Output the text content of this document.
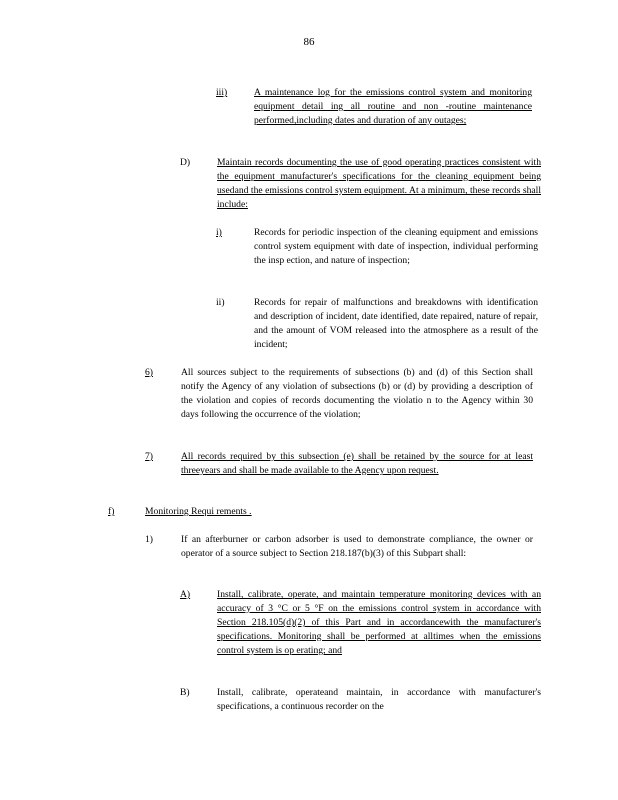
86
iii)	A maintenance log for the emissions control system and monitoring equipment detail ing all routine and non -routine maintenance performed,including dates and duration of any outages;
D)	Maintain records documenting the use of good operating practices consistent with the equipment manufacturer's specifications for the cleaning equipment being usedand the emissions control system equipment. At a minimum, these records shall include:
i)	Records for periodic inspection of the cleaning equipment and emissions control system equipment with date of inspection, individual performing the insp ection, and nature of inspection;
ii)	Records for repair of malfunctions and breakdowns with identification and description of incident, date identified, date repaired, nature of repair, and the amount of VOM released into the atmosphere as a result of the incident;
6)	All sources subject to the requirements of subsections (b) and (d) of this Section shall notify the Agency of any violation of subsections (b) or (d) by providing a description of the violation and copies of records documenting the violatio n to the Agency within 30 days following the occurrence of the violation;
7)	All records required by this subsection (e) shall be retained by the source for at least threeyears and shall be made available to the Agency upon request.
f)	Monitoring Requi rements .
1)	If an afterburner or carbon adsorber is used to demonstrate compliance, the owner or operator of a source subject to Section 218.187(b)(3) of this Subpart shall:
A)	Install, calibrate, operate, and maintain temperature monitoring devices with an accuracy of 3 °C or 5 °F on the emissions control system in accordance with Section 218.105(d)(2) of this Part and in accordancewith the manufacturer's specifications. Monitoring shall be performed at alltimes when the emissions control system is op erating; and
B)	Install, calibrate, operateand maintain, in accordance with manufacturer's specifications, a continuous recorder on the
